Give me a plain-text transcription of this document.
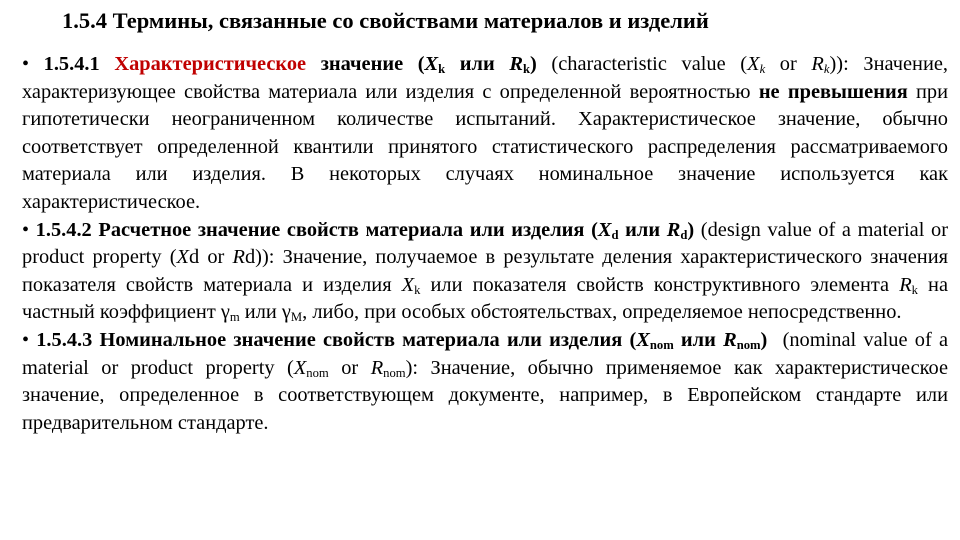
1.5.4 Термины, связанные со свойствами материалов и изделий

• 1.5.4.1 Характеристическое значение ($X_k$ или $R_k$) (characteristic value ($X_k$ or $R_k$)): Значение, характеризующее свойства материала или изделия с определенной вероятностью не превышения при гипотетически неограниченном количестве испытаний. Характеристическое значение, обычно соответствует определенной квантили принятого статистического распределения рассматриваемого материала или изделия. В некоторых случаях номинальное значение используется как характеристическое.

• 1.5.4.2 Расчетное значение свойств материала или изделия ($X_d$ или $R_d$) (design value of a material or product property (Xd or Rd)): Значение, получаемое в результате деления характеристического значения показателя свойств материала и изделия $X_k$ или показателя свойств конструктивного элемента $R_k$ на частный коэффициент $\gamma_m$ или $\gamma_M$, либо, при особых обстоятельствах, определяемое непосредственно.

• 1.5.4.3 Номинальное значение свойств материала или изделия ($X_{nom}$ или $R_{nom}$) (nominal value of a material or product property ($X_{nom}$ or $R_{nom}$): Значение, обычно применяемое как характеристическое значение, определенное в соответствующем документе, например, в Европейском стандарте или предварительном стандарте.
